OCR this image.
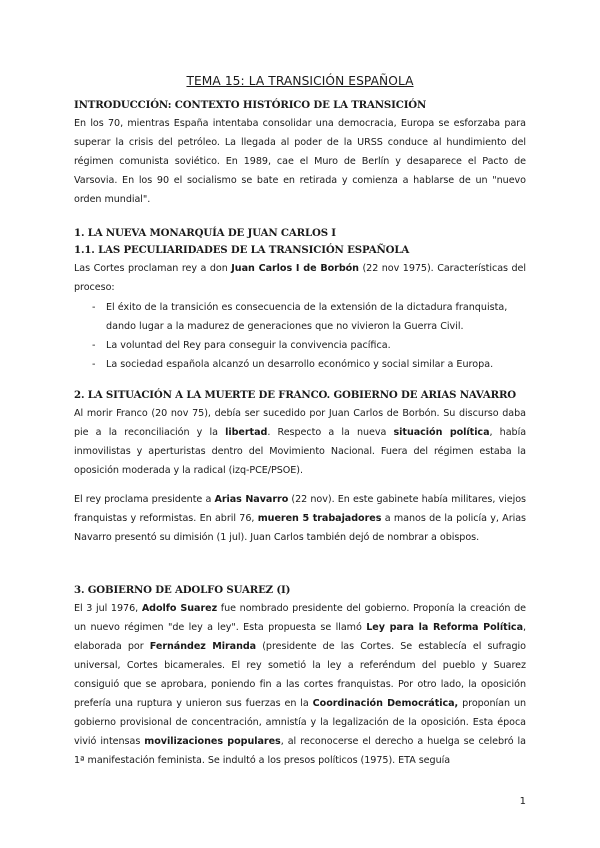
TEMA 15: LA TRANSICIÓN ESPAÑOLA
INTRODUCCIÓN: CONTEXTO HISTÓRICO DE LA TRANSICIÓN
En los 70, mientras España intentaba consolidar una democracia, Europa se esforzaba para superar la crisis del petróleo. La llegada al poder de la URSS conduce al hundimiento del régimen comunista soviético. En 1989, cae el Muro de Berlín y desaparece el Pacto de Varsovia. En los 90 el socialismo se bate en retirada y comienza a hablarse de un "nuevo orden mundial".
1. LA NUEVA MONARQUÍA DE JUAN CARLOS I
1.1. LAS PECULIARIDADES DE LA TRANSICIÓN ESPAÑOLA
Las Cortes proclaman rey a don Juan Carlos I de Borbón (22 nov 1975). Características del proceso:
- El éxito de la transición es consecuencia de la extensión de la dictadura franquista, dando lugar a la madurez de generaciones que no vivieron la Guerra Civil.
- La voluntad del Rey para conseguir la convivencia pacífica.
- La sociedad española alcanzó un desarrollo económico y social similar a Europa.
2. LA SITUACIÓN A LA MUERTE DE FRANCO. GOBIERNO DE ARIAS NAVARRO
Al morir Franco (20 nov 75), debía ser sucedido por Juan Carlos de Borbón. Su discurso daba pie a la reconciliación y la libertad. Respecto a la nueva situación política, había inmovilistas y aperturistas dentro del Movimiento Nacional. Fuera del régimen estaba la oposición moderada y la radical (izq-PCE/PSOE).
El rey proclama presidente a Arias Navarro (22 nov). En este gabinete había militares, viejos franquistas y reformistas. En abril 76, mueren 5 trabajadores a manos de la policía y, Arias Navarro presentó su dimisión (1 jul). Juan Carlos también dejó de nombrar a obispos.
3. GOBIERNO DE ADOLFO SUAREZ (I)
El 3 jul 1976, Adolfo Suarez fue nombrado presidente del gobierno. Proponía la creación de un nuevo régimen "de ley a ley". Esta propuesta se llamó Ley para la Reforma Política, elaborada por Fernández Miranda (presidente de las Cortes. Se establecía el sufragio universal, Cortes bicamerales. El rey sometió la ley a referéndum del pueblo y Suarez consiguió que se aprobara, poniendo fin a las cortes franquistas. Por otro lado, la oposición prefería una ruptura y unieron sus fuerzas en la Coordinación Democrática, proponían un gobierno provisional de concentración, amnistía y la legalización de la oposición. Esta época vivió intensas movilizaciones populares, al reconocerse el derecho a huelga se celebró la 1ª manifestación feminista. Se indultó a los presos políticos (1975). ETA seguía
1
